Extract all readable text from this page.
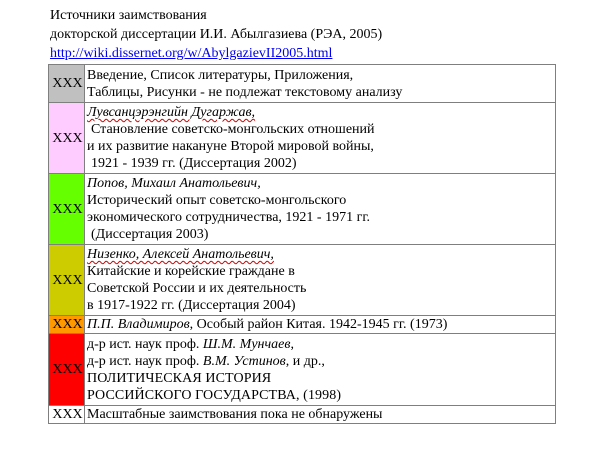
Источники заимствования
докторской диссертации И.И. Абылгазиева (РЭА, 2005)
http://wiki.dissernet.org/w/AbylgazievII2005.html
XXX	Введение, Список литературы, Приложения,
Таблицы, Рисунки - не подлежат текстовому анализу

XXX	Лувсанцэрэнгийн Дугаржав,
Становление советско-монгольских отношений
и их развитие накануне Второй мировой войны,
1921 - 1939 гг. (Диссертация 2002)

XXX	Попов, Михаил Анатольевич,
Исторический опыт советско-монгольского
экономического сотрудничества, 1921 - 1971 гг.
(Диссертация 2003)

XXX	Низенко, Алексей Анатольевич,
Китайские и корейские граждане в
Советской России и их деятельность
в 1917-1922 гг. (Диссертация 2004)

XXX	П.П. Владимиров, Особый район Китая. 1942-1945 гг. (1973)

XXX	д-р ист. наук проф. Ш.М. Мунчаев,
д-р ист. наук проф. В.М. Устинов, и др.,
ПОЛИТИЧЕСКАЯ ИСТОРИЯ
РОССИЙСКОГО ГОСУДАРСТВА, (1998)

XXX	Масштабные заимствования пока не обнаружены
